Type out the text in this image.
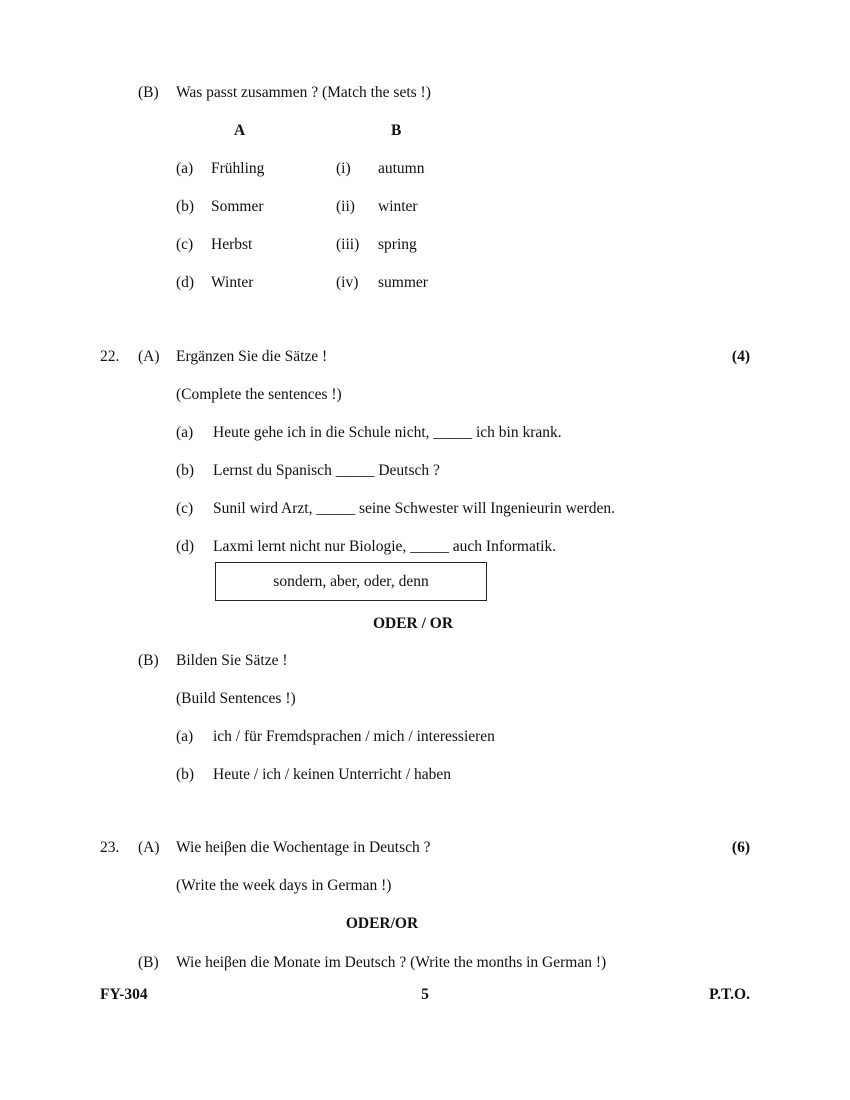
(B) Was passt zusammen ? (Match the sets !)
A	B
(a) Frühling	(i) autumn
(b) Sommer	(ii) winter
(c) Herbst	(iii) spring
(d) Winter	(iv) summer
22. (A) Ergänzen Sie die Sätze !	(4)
(Complete the sentences !)
(a) Heute gehe ich in die Schule nicht, _____ ich bin krank.
(b) Lernst du Spanisch _____ Deutsch ?
(c) Sunil wird Arzt, _____ seine Schwester will Ingenieurin werden.
(d) Laxmi lernt nicht nur Biologie, _____ auch Informatik.
sondern, aber, oder, denn
ODER / OR
(B) Bilden Sie Sätze !
(Build Sentences !)
(a) ich / für Fremdsprachen / mich / interessieren
(b) Heute / ich / keinen Unterricht / haben
23. (A) Wie heiβen die Wochentage in Deutsch ?	(6)
(Write the week days in German !)
ODER/OR
(B) Wie heiβen die Monate im Deutsch ? (Write the months in German !)
FY-304	5	P.T.O.
